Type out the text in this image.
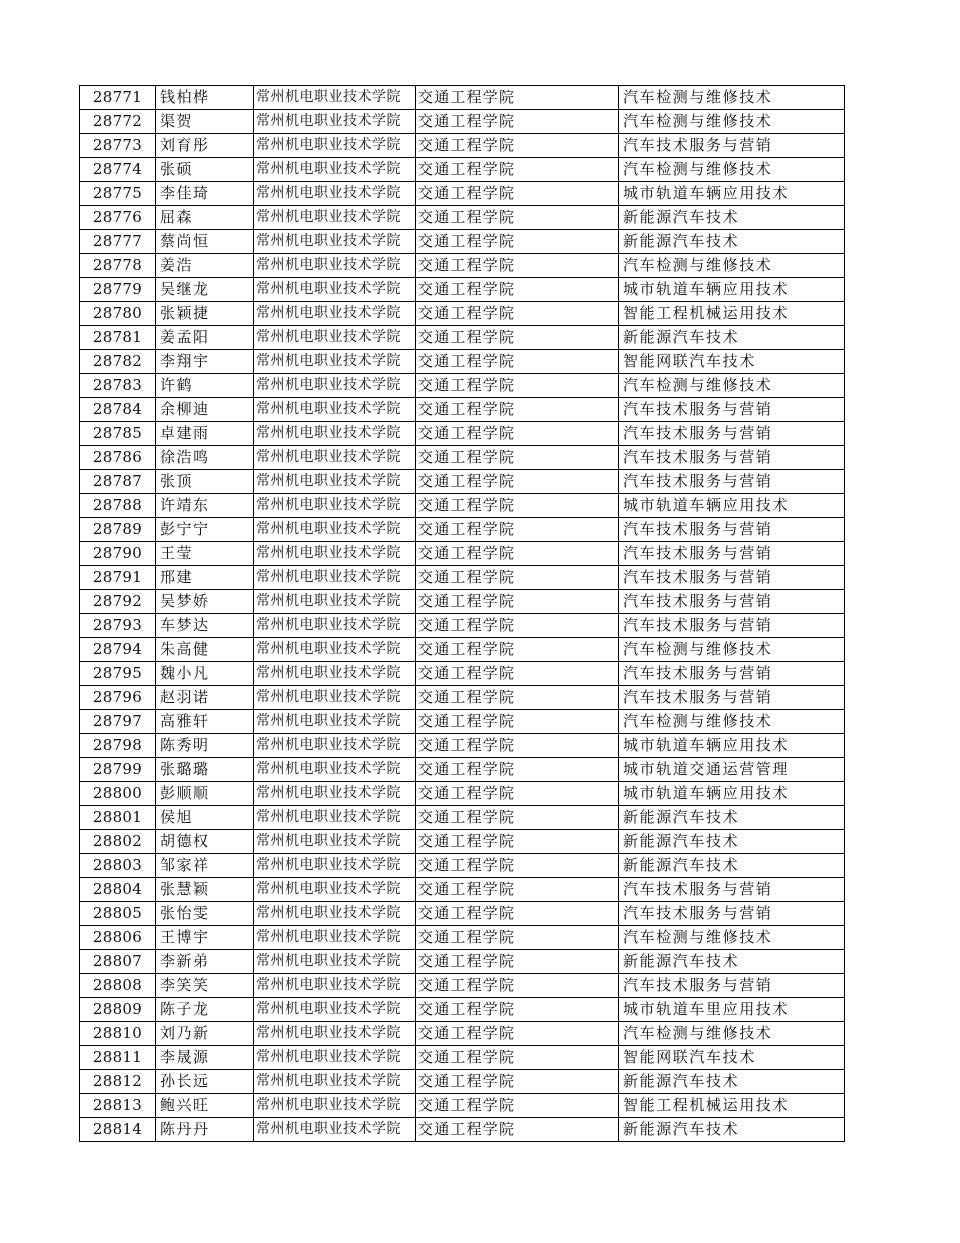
28771	钱柏桦	常州机电职业技术学院	交通工程学院	汽车检测与维修技术
28772	渠贺	常州机电职业技术学院	交通工程学院	汽车检测与维修技术
28773	刘育彤	常州机电职业技术学院	交通工程学院	汽车技术服务与营销
28774	张硕	常州机电职业技术学院	交通工程学院	汽车检测与维修技术
28775	李佳琦	常州机电职业技术学院	交通工程学院	城市轨道车辆应用技术
28776	屈森	常州机电职业技术学院	交通工程学院	新能源汽车技术
28777	蔡尚恒	常州机电职业技术学院	交通工程学院	新能源汽车技术
28778	姜浩	常州机电职业技术学院	交通工程学院	汽车检测与维修技术
28779	吴继龙	常州机电职业技术学院	交通工程学院	城市轨道车辆应用技术
28780	张颖捷	常州机电职业技术学院	交通工程学院	智能工程机械运用技术
28781	姜孟阳	常州机电职业技术学院	交通工程学院	新能源汽车技术
28782	李翔宇	常州机电职业技术学院	交通工程学院	智能网联汽车技术
28783	许鹤	常州机电职业技术学院	交通工程学院	汽车检测与维修技术
28784	余柳迪	常州机电职业技术学院	交通工程学院	汽车技术服务与营销
28785	卓建雨	常州机电职业技术学院	交通工程学院	汽车技术服务与营销
28786	徐浩鸣	常州机电职业技术学院	交通工程学院	汽车技术服务与营销
28787	张顶	常州机电职业技术学院	交通工程学院	汽车技术服务与营销
28788	许靖东	常州机电职业技术学院	交通工程学院	城市轨道车辆应用技术
28789	彭宁宁	常州机电职业技术学院	交通工程学院	汽车技术服务与营销
28790	王莹	常州机电职业技术学院	交通工程学院	汽车技术服务与营销
28791	邢建	常州机电职业技术学院	交通工程学院	汽车技术服务与营销
28792	吴梦娇	常州机电职业技术学院	交通工程学院	汽车技术服务与营销
28793	车梦达	常州机电职业技术学院	交通工程学院	汽车技术服务与营销
28794	朱高健	常州机电职业技术学院	交通工程学院	汽车检测与维修技术
28795	魏小凡	常州机电职业技术学院	交通工程学院	汽车技术服务与营销
28796	赵羽诺	常州机电职业技术学院	交通工程学院	汽车技术服务与营销
28797	高雅轩	常州机电职业技术学院	交通工程学院	汽车检测与维修技术
28798	陈秀明	常州机电职业技术学院	交通工程学院	城市轨道车辆应用技术
28799	张璐璐	常州机电职业技术学院	交通工程学院	城市轨道交通运营管理
28800	彭顺顺	常州机电职业技术学院	交通工程学院	城市轨道车辆应用技术
28801	侯旭	常州机电职业技术学院	交通工程学院	新能源汽车技术
28802	胡德权	常州机电职业技术学院	交通工程学院	新能源汽车技术
28803	邹家祥	常州机电职业技术学院	交通工程学院	新能源汽车技术
28804	张慧颖	常州机电职业技术学院	交通工程学院	汽车技术服务与营销
28805	张怡雯	常州机电职业技术学院	交通工程学院	汽车技术服务与营销
28806	王博宇	常州机电职业技术学院	交通工程学院	汽车检测与维修技术
28807	李新弟	常州机电职业技术学院	交通工程学院	新能源汽车技术
28808	李笑笑	常州机电职业技术学院	交通工程学院	汽车技术服务与营销
28809	陈子龙	常州机电职业技术学院	交通工程学院	城市轨道车里应用技术
28810	刘乃新	常州机电职业技术学院	交通工程学院	汽车检测与维修技术
28811	李晟源	常州机电职业技术学院	交通工程学院	智能网联汽车技术
28812	孙长远	常州机电职业技术学院	交通工程学院	新能源汽车技术
28813	鲍兴旺	常州机电职业技术学院	交通工程学院	智能工程机械运用技术
28814	陈丹丹	常州机电职业技术学院	交通工程学院	新能源汽车技术
